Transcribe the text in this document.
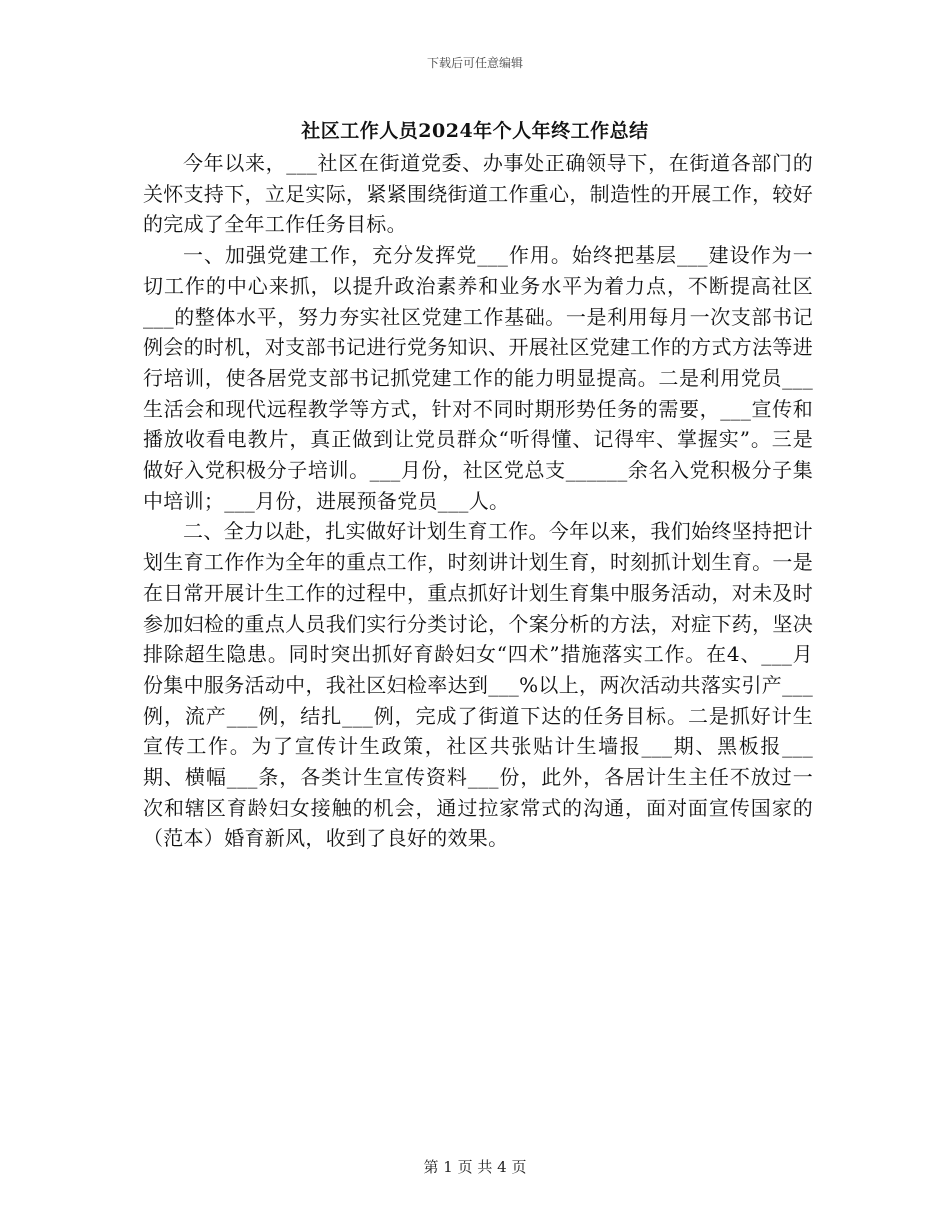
下载后可任意编辑
社区工作人员2024年个人年终工作总结

今年以来，___社区在街道党委、办事处正确领导下，在街道各部门的关怀支持下，立足实际，紧紧围绕街道工作重心，制造性的开展工作，较好的完成了全年工作任务目标。

一、加强党建工作，充分发挥党___作用。始终把基层___建设作为一切工作的中心来抓，以提升政治素养和业务水平为着力点，不断提高社区___的整体水平，努力夯实社区党建工作基础。一是利用每月一次支部书记例会的时机，对支部书记进行党务知识、开展社区党建工作的方式方法等进行培训，使各居党支部书记抓党建工作的能力明显提高。二是利用党员___生活会和现代远程教学等方式，针对不同时期形势任务的需要，___宣传和播放收看电教片，真正做到让党员群众“听得懂、记得牢、掌握实”。三是做好入党积极分子培训。___月份，社区党总支______余名入党积极分子集中培训；___月份，进展预备党员___人。

二、全力以赴，扎实做好计划生育工作。今年以来，我们始终坚持把计划生育工作作为全年的重点工作，时刻讲计划生育，时刻抓计划生育。一是在日常开展计生工作的过程中，重点抓好计划生育集中服务活动，对未及时参加妇检的重点人员我们实行分类讨论，个案分析的方法，对症下药，坚决排除超生隐患。同时突出抓好育龄妇女“四术”措施落实工作。在4、___月份集中服务活动中，我社区妇检率达到___%以上，两次活动共落实引产___例，流产___例，结扎___例，完成了街道下达的任务目标。二是抓好计生宣传工作。为了宣传计生政策，社区共张贴计生墙报___期、黑板报___期、横幅___条，各类计生宣传资料___份，此外，各居计生主任不放过一次和辖区育龄妇女接触的机会，通过拉家常式的沟通，面对面宣传国家的（范本）婚育新风，收到了良好的效果。

第 1 页 共 4 页
